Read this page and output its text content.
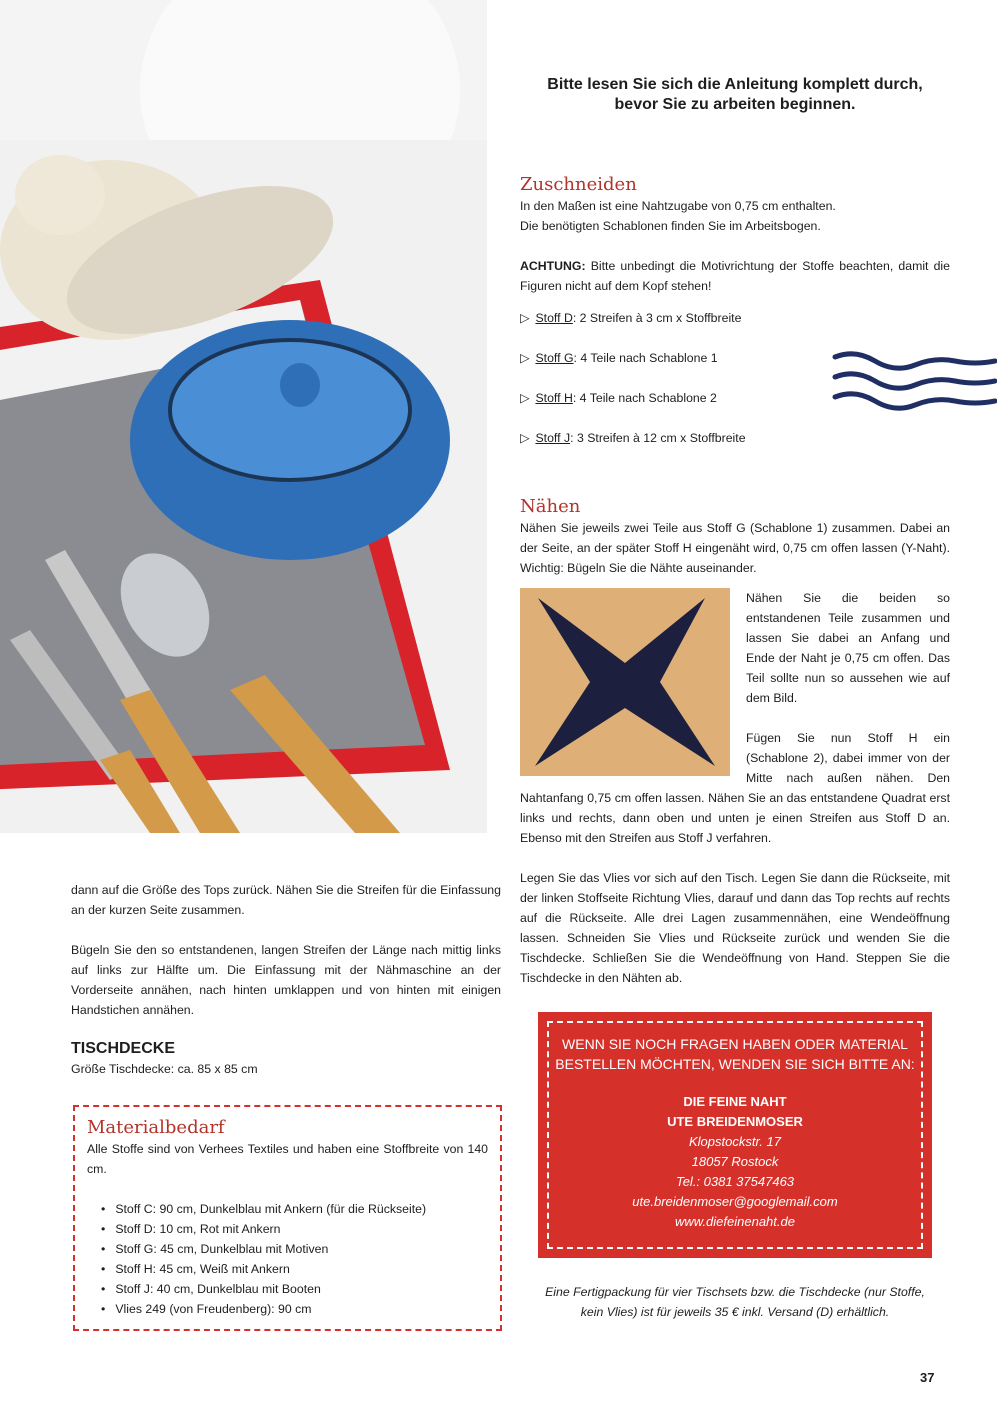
Bitte lesen Sie sich die Anleitung komplett durch,
bevor Sie zu arbeiten beginnen.
Zuschneiden
In den Maßen ist eine Nahtzugabe von 0,75 cm enthalten.
Die benötigten Schablonen finden Sie im Arbeitsbogen.
ACHTUNG: Bitte unbedingt die Motivrichtung der Stoffe beachten, damit die Figuren nicht auf dem Kopf stehen!
▷ Stoff D: 2 Streifen à 3 cm x Stoffbreite
▷ Stoff G: 4 Teile nach Schablone 1
▷ Stoff H: 4 Teile nach Schablone 2
▷ Stoff J: 3 Streifen à 12 cm x Stoffbreite
Nähen
Nähen Sie jeweils zwei Teile aus Stoff G (Schablone 1) zusammen. Dabei an der Seite, an der später Stoff H eingenäht wird, 0,75 cm offen lassen (Y-Naht). Wichtig: Bügeln Sie die Nähte auseinander.
Nähen Sie die beiden so entstandenen Teile zusammen und lassen Sie dabei an Anfang und Ende der Naht je 0,75 cm offen. Das Teil sollte nun so aussehen wie auf dem Bild.
Fügen Sie nun Stoff H ein (Schablone 2), dabei immer von der Mitte nach außen nähen. Den Nahtanfang 0,75 cm offen lassen. Nähen Sie an das entstandene Quadrat erst links und rechts, dann oben und unten je einen Streifen aus Stoff D an. Ebenso mit den Streifen aus Stoff J verfahren.
Legen Sie das Vlies vor sich auf den Tisch. Legen Sie dann die Rückseite, mit der linken Stoffseite Richtung Vlies, darauf und dann das Top rechts auf rechts auf die Rückseite. Alle drei Lagen zusammennähen, eine Wendeöffnung lassen. Schneiden Sie Vlies und Rückseite zurück und wenden Sie die Tischdecke. Schließen Sie die Wendeöffnung von Hand. Steppen Sie die Tischdecke in den Nähten ab.
WENN SIE NOCH FRAGEN HABEN ODER MATERIAL
BESTELLEN MÖCHTEN, WENDEN SIE SICH BITTE AN:
DIE FEINE NAHT
UTE BREIDENMOSER
Klopstockstr. 17
18057 Rostock
Tel.: 0381 37547463
ute.breidenmoser@googlemail.com
www.diefeinenaht.de
Eine Fertigpackung für vier Tischsets bzw. die Tischdecke (nur Stoffe,
kein Vlies) ist für jeweils 35 € inkl. Versand (D) erhältlich.
dann auf die Größe des Tops zurück. Nähen Sie die Streifen für die Einfassung an der kurzen Seite zusammen.
Bügeln Sie den so entstandenen, langen Streifen der Länge nach mittig links auf links zur Hälfte um. Die Einfassung mit der Nähmaschine an der Vorderseite annähen, nach hinten umklappen und von hinten mit einigen Handstichen annähen.
TISCHDECKE
Größe Tischdecke: ca. 85 x 85 cm
Materialbedarf
Alle Stoffe sind von Verhees Textiles und haben eine Stoffbreite von 140 cm.
• Stoff C: 90 cm, Dunkelblau mit Ankern (für die Rückseite)
• Stoff D: 10 cm, Rot mit Ankern
• Stoff G: 45 cm, Dunkelblau mit Motiven
• Stoff H: 45 cm, Weiß mit Ankern
• Stoff J: 40 cm, Dunkelblau mit Booten
• Vlies 249 (von Freudenberg): 90 cm
37
